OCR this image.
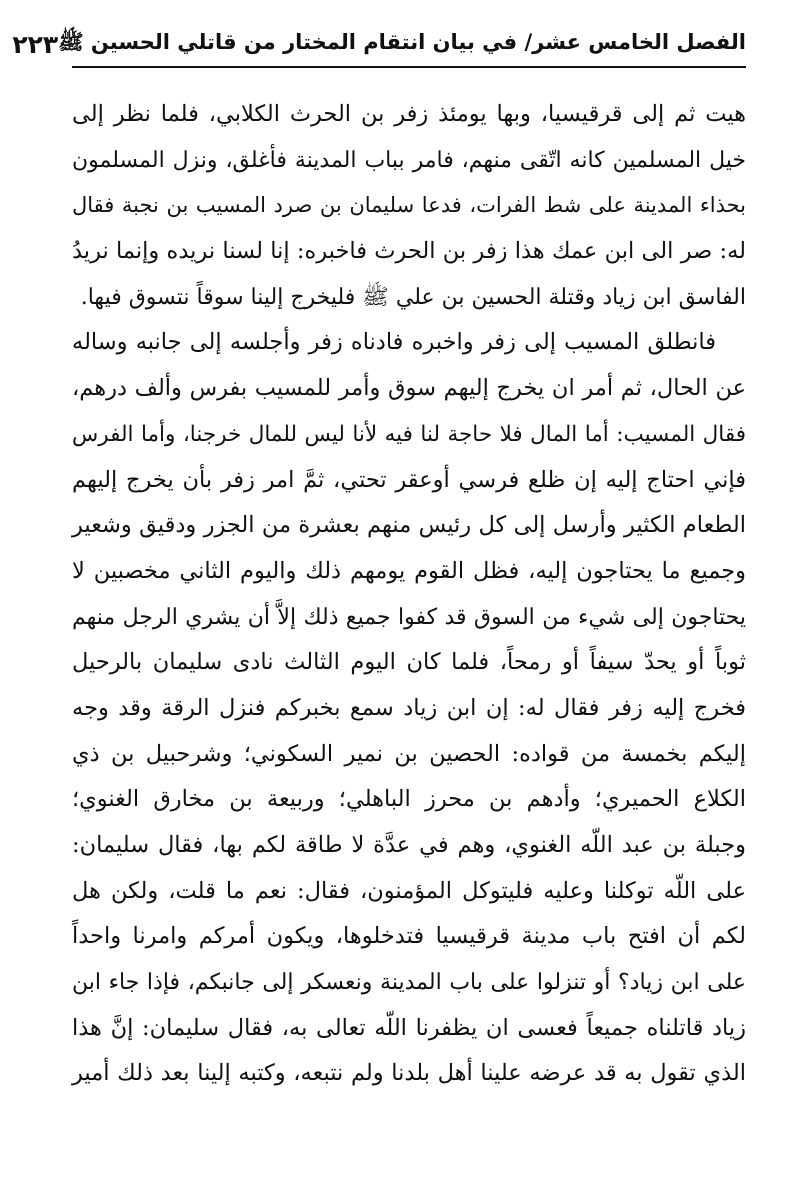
الفصل الخامس عشر/ في بيان انتقام المختار من قاتلي الحسين ﷺ
٢٢٣
هيت ثم إلى قرقيسيا، وبها يومئذ زفر بن الحرث الكلابي، فلما نظر إلى
خيل المسلمين كانه اتّقى منهم، فامر بباب المدينة فأغلق، ونزل المسلمون
بحذاء المدينة على شط الفرات، فدعا سليمان بن صرد المسيب بن نجبة فقال
له: صر الى ابن عمك هذا زفر بن الحرث فاخبره: إنا لسنا نريده وإنما نريدُ
الفاسق ابن زياد وقتلة الحسين بن علي ﷺ فليخرج إلينا سوقاً نتسوق فيها.
فانطلق المسيب إلى زفر واخبره فادناه زفر وأجلسه إلى جانبه وساله
عن الحال، ثم أمر ان يخرج إليهم سوق وأمر للمسيب بفرس وألف درهم،
فقال المسيب: أما المال فلا حاجة لنا فيه لأنا ليس للمال خرجنا، وأما الفرس
فإني احتاج إليه إن ظلع فرسي أوعقر تحتي، ثمَّ امر زفر بأن يخرج إليهم
الطعام الكثير وأرسل إلى كل رئيس منهم بعشرة من الجزر ودقيق وشعير
وجميع ما يحتاجون إليه، فظل القوم يومهم ذلك واليوم الثاني مخصبين لا
يحتاجون إلى شيء من السوق قد كفوا جميع ذلك إلاَّ أن يشري الرجل منهم
ثوباً أو يحدّ سيفاً أو رمحاً، فلما كان اليوم الثالث نادى سليمان بالرحيل
فخرج إليه زفر فقال له: إن ابن زياد سمع بخبركم فنزل الرقة وقد وجه
إليكم بخمسة من قواده: الحصين بن نمير السكوني؛ وشرحبيل بن ذي
الكلاع الحميري؛ وأدهم بن محرز الباهلي؛ وربيعة بن مخارق الغنوي؛
وجبلة بن عبد اللّه الغنوي، وهم في عدَّة لا طاقة لكم بها، فقال سليمان:
على اللّه توكلنا وعليه فليتوكل المؤمنون، فقال: نعم ما قلت، ولكن هل
لكم أن افتح باب مدينة قرقيسيا فتدخلوها، ويكون أمركم وامرنا واحداً
على ابن زياد؟ أو تنزلوا على باب المدينة ونعسكر إلى جانبكم، فإذا جاء ابن
زياد قاتلناه جميعاً فعسى ان يظفرنا اللّه تعالى به، فقال سليمان: إنَّ هذا
الذي تقول به قد عرضه علينا أهل بلدنا ولم نتبعه، وكتبه إلينا بعد ذلك أمير
